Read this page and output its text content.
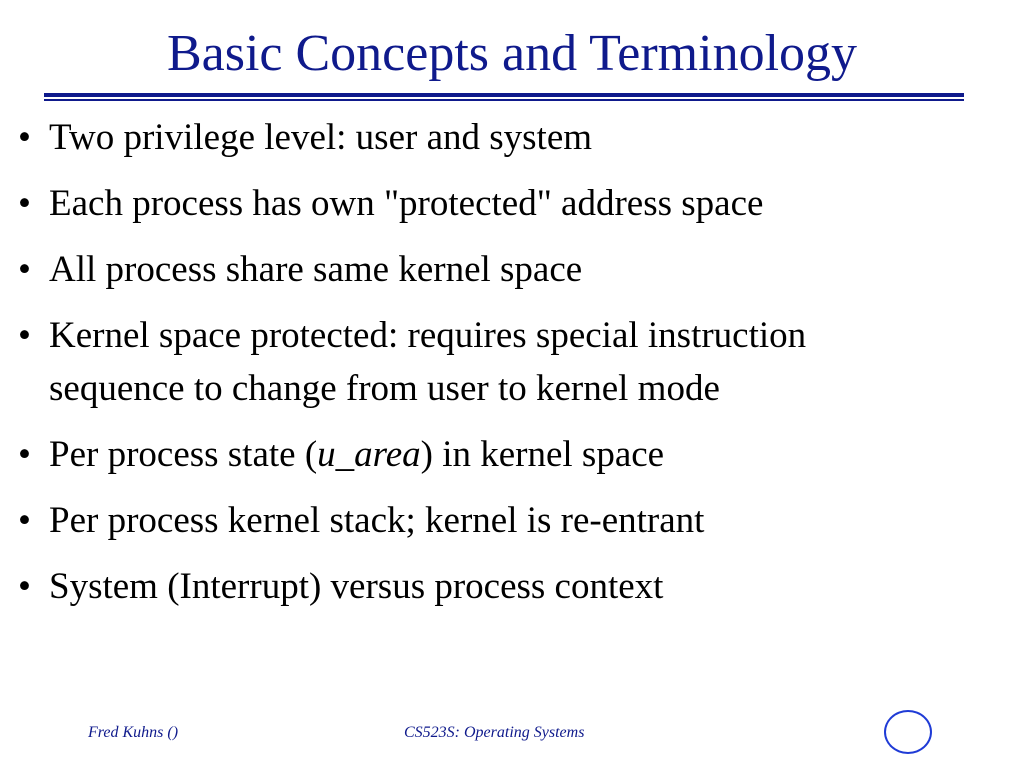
Basic Concepts and Terminology
• Two privilege level: user and system
• Each process has own "protected" address space
• All process share same kernel space
• Kernel space protected: requires special instruction
sequence to change from user to kernel mode
• Per process state (u_area) in kernel space
• Per process kernel stack; kernel is re-entrant
• System (Interrupt) versus process context
Fred Kuhns ()	CS523S: Operating Systems
